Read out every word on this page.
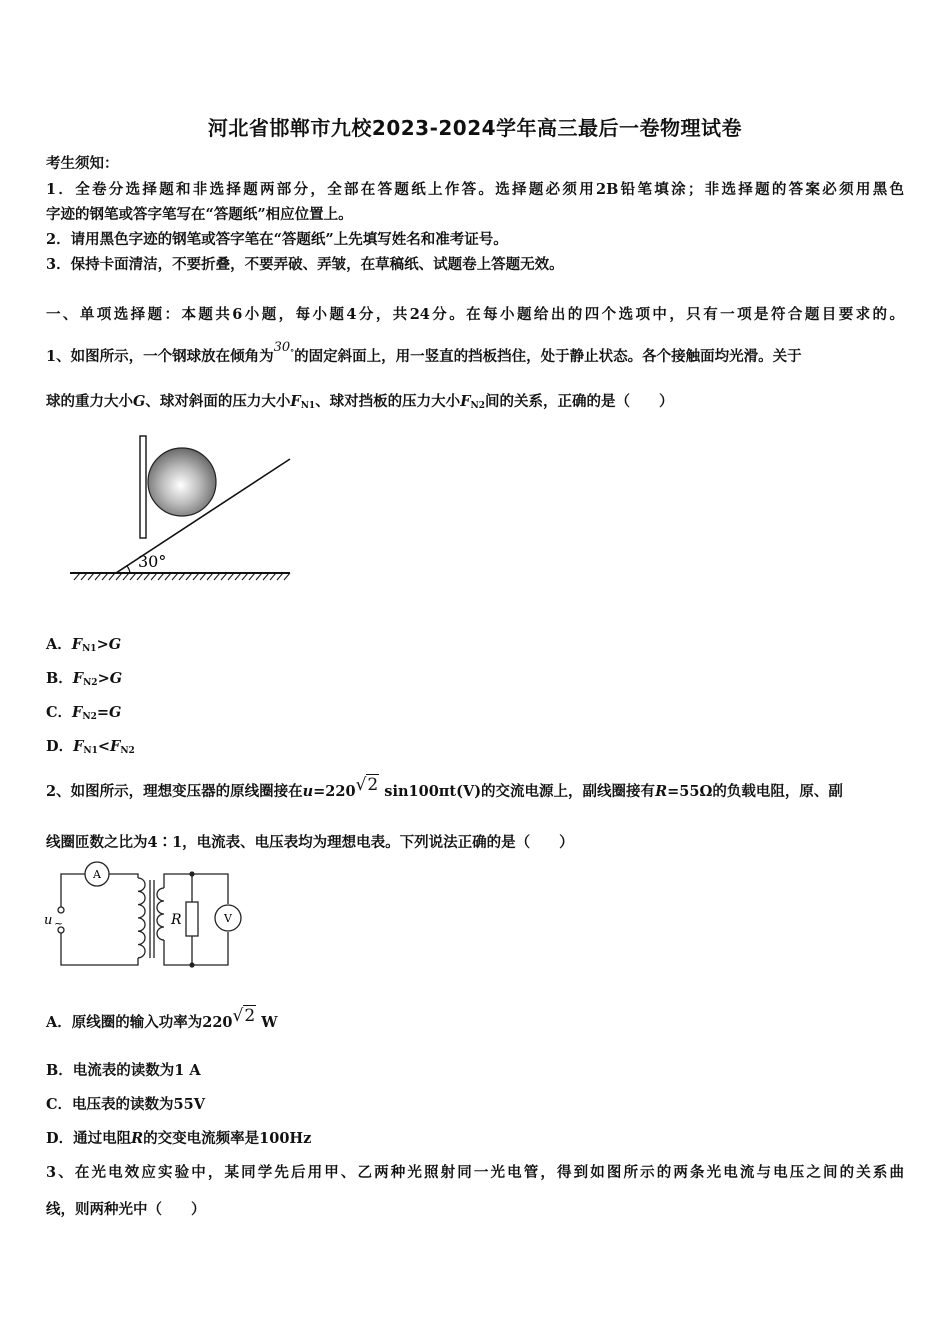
河北省邯郸市九校2023-2024学年高三最后一卷物理试卷
考生须知：
1．全卷分选择题和非选择题两部分，全部在答题纸上作答。选择题必须用2B铅笔填涂；非选择题的答案必须用黑色
字迹的钢笔或答字笔写在“答题纸”相应位置上。
2．请用黑色字迹的钢笔或答字笔在“答题纸”上先填写姓名和准考证号。
3．保持卡面清洁，不要折叠，不要弄破、弄皱，在草稿纸、试题卷上答题无效。
一、单项选择题：本题共6小题，每小题4分，共24分。在每小题给出的四个选项中，只有一项是符合题目要求的。
1、如图所示，一个钢球放在倾角为30°的固定斜面上，用一竖直的挡板挡住，处于静止状态。各个接触面均光滑。关于
球的重力大小G、球对斜面的压力大小$F_{N1}$、球对挡板的压力大小$F_{N2}$间的关系，正确的是（　　）
30°
A．$F_{N1}>G$
B．$F_{N2}>G$
C．$F_{N2}=G$
D．$F_{N1}<F_{N2}$
2、如图所示，理想变压器的原线圈接在u=220√2 sin100πt(V)的交流电源上，副线圈接有R=55Ω的负载电阻，原、副
线圈匝数之比为4∶1，电流表、电压表均为理想电表。下列说法正确的是（　　）
A
V
R
u ~
A．原线圈的输入功率为220√2 W
B．电流表的读数为1 A
C．电压表的读数为55V
D．通过电阻R的交变电流频率是100Hz
3、在光电效应实验中，某同学先后用甲、乙两种光照射同一光电管，得到如图所示的两条光电流与电压之间的关系曲
线，则两种光中（　　）
